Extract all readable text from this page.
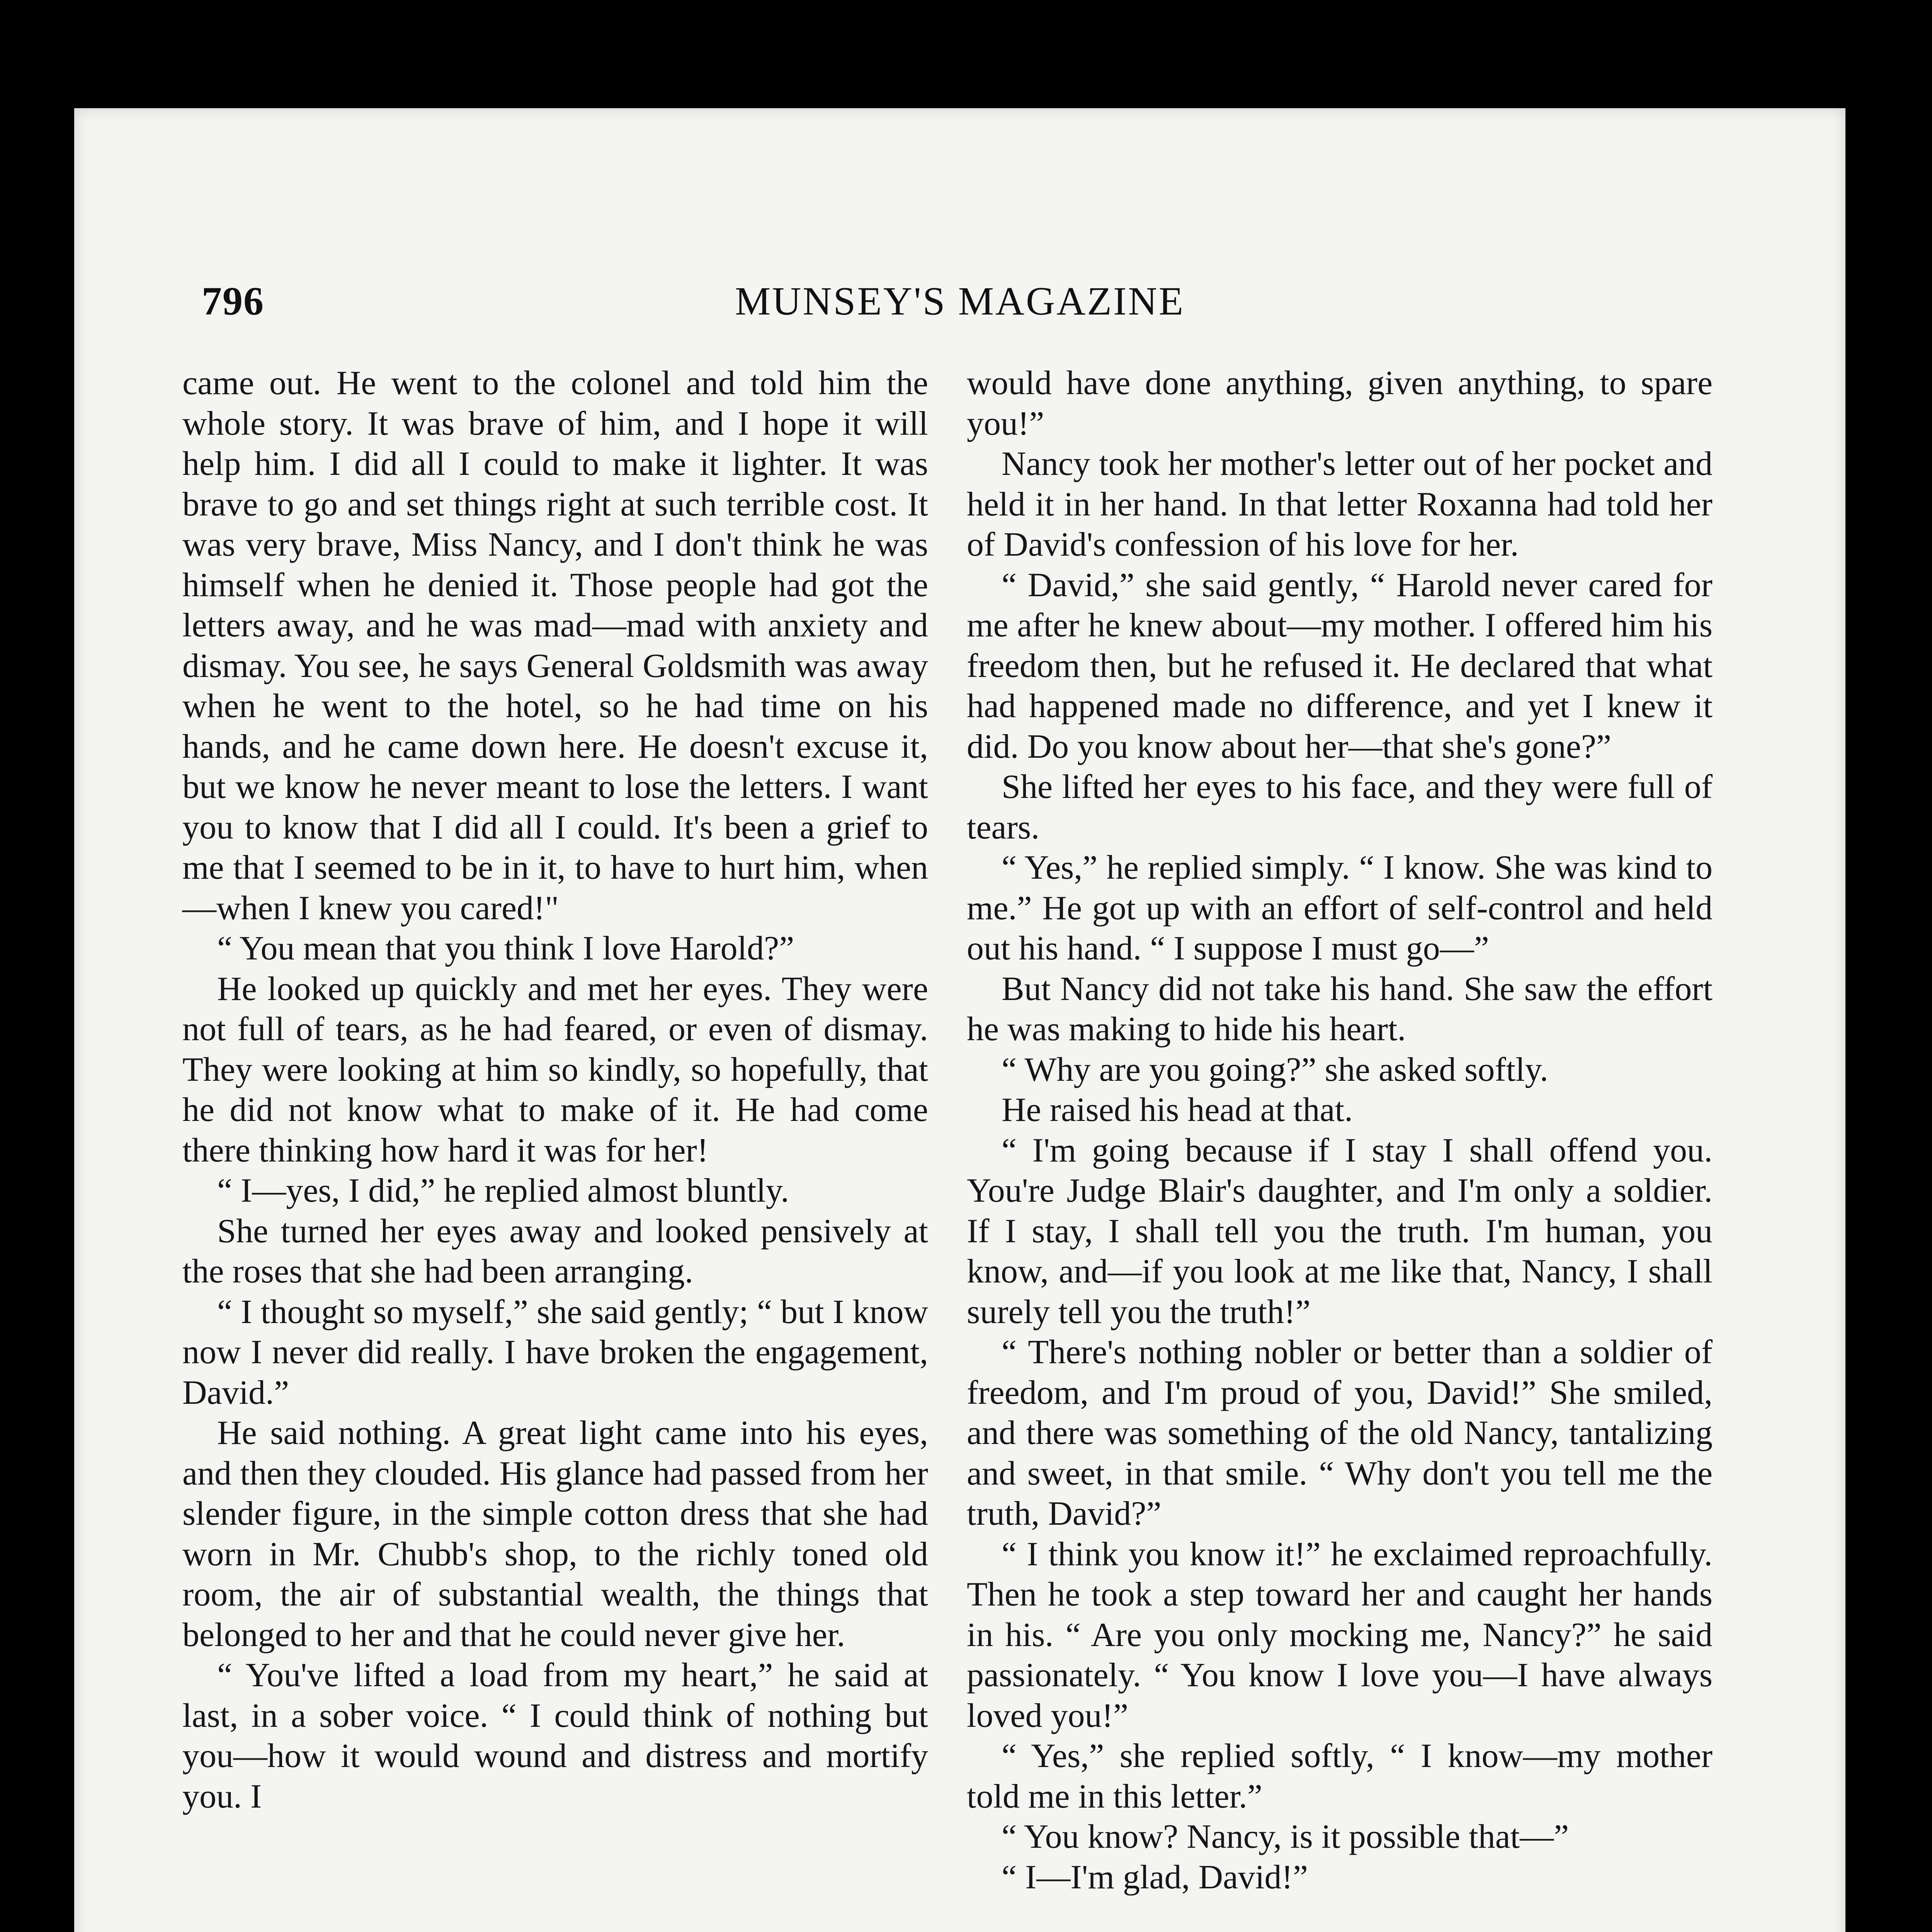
796	MUNSEY'S MAGAZINE

came out. He went to the colonel and told him the whole story. It was brave of him, and I hope it will help him. I did all I could to make it lighter. It was brave to go and set things right at such terrible cost. It was very brave, Miss Nancy, and I don't think he was himself when he denied it. Those people had got the letters away, and he was mad—mad with anxiety and dismay. You see, he says General Goldsmith was away when he went to the hotel, so he had time on his hands, and he came down here. He doesn't excuse it, but we know he never meant to lose the letters. I want you to know that I did all I could. It's been a grief to me that I seemed to be in it, to have to hurt him, when—when I knew you cared!"

“ You mean that you think I love Harold?”

He looked up quickly and met her eyes. They were not full of tears, as he had feared, or even of dismay. They were looking at him so kindly, so hopefully, that he did not know what to make of it. He had come there thinking how hard it was for her!

“ I—yes, I did,” he replied almost bluntly.

She turned her eyes away and looked pensively at the roses that she had been arranging.

“ I thought so myself,” she said gently; “ but I know now I never did really. I have broken the engagement, David.”

He said nothing. A great light came into his eyes, and then they clouded. His glance had passed from her slender figure, in the simple cotton dress that she had worn in Mr. Chubb's shop, to the richly toned old room, the air of substantial wealth, the things that belonged to her and that he could never give her.

“ You've lifted a load from my heart,” he said at last, in a sober voice. “ I could think of nothing but you—how it would wound and distress and mortify you. I

would have done anything, given anything, to spare you!”

Nancy took her mother's letter out of her pocket and held it in her hand. In that letter Roxanna had told her of David's confession of his love for her.

“ David,” she said gently, “ Harold never cared for me after he knew about—my mother. I offered him his freedom then, but he refused it. He declared that what had happened made no difference, and yet I knew it did. Do you know about her—that she's gone?”

She lifted her eyes to his face, and they were full of tears.

“ Yes,” he replied simply. “ I know. She was kind to me.” He got up with an effort of self-control and held out his hand. “ I suppose I must go—”

But Nancy did not take his hand. She saw the effort he was making to hide his heart.

“ Why are you going?” she asked softly.

He raised his head at that.

“ I'm going because if I stay I shall offend you. You're Judge Blair's daughter, and I'm only a soldier. If I stay, I shall tell you the truth. I'm human, you know, and—if you look at me like that, Nancy, I shall surely tell you the truth!”

“ There's nothing nobler or better than a soldier of freedom, and I'm proud of you, David!” She smiled, and there was something of the old Nancy, tantalizing and sweet, in that smile. “ Why don't you tell me the truth, David?”

“ I think you know it!” he exclaimed reproachfully. Then he took a step toward her and caught her hands in his. “ Are you only mocking me, Nancy?” he said passionately. “ You know I love you—I have always loved you!”

“ Yes,” she replied softly, “ I know—my mother told me in this letter.”

“ You know? Nancy, is it possible that—”

“ I—I'm glad, David!”
